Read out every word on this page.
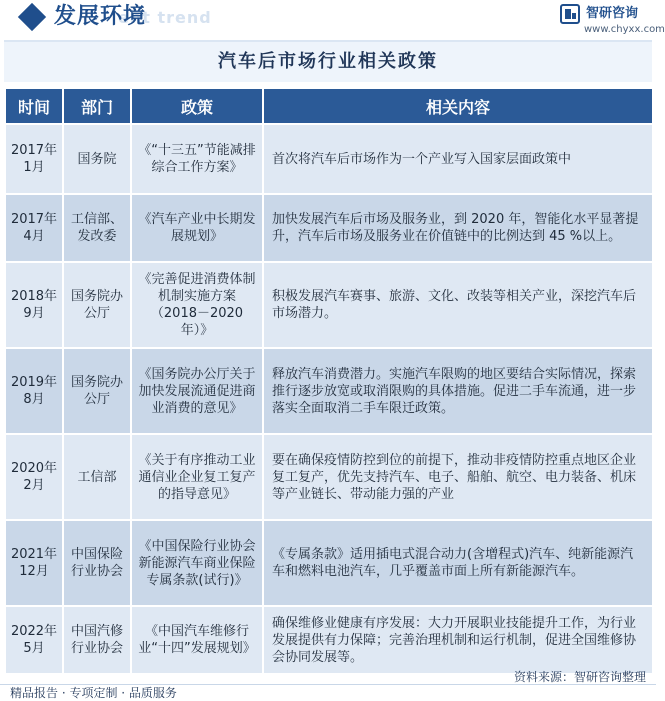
ent trend
发展环境	智研咨询
www.chyxx.com
汽车后市场行业相关政策
时间	部门	政策	相关内容
2017年1月	国务院	《“十三五”节能减排综合工作方案》	首次将汽车后市场作为一个产业写入国家层面政策中
2017年4月	工信部、发改委	《汽车产业中长期发展规划》	加快发展汽车后市场及服务业，到 2020 年，智能化水平显著提升，汽车后市场及服务业在价值链中的比例达到 45 %以上。
2018年9月	国务院办公厅	《完善促进消费体制机制实施方案（2018－2020年）》	积极发展汽车赛事、旅游、文化、改装等相关产业，深挖汽车后市场潜力。
2019年8月	国务院办公厅	《国务院办公厅关于加快发展流通促进商业消费的意见》	释放汽车消费潜力。实施汽车限购的地区要结合实际情况，探索推行逐步放宽或取消限购的具体措施。促进二手车流通，进一步落实全面取消二手车限迁政策。
2020年2月	工信部	《关于有序推动工业通信业企业复工复产的指导意见》	要在确保疫情防控到位的前提下，推动非疫情防控重点地区企业复工复产，优先支持汽车、电子、船舶、航空、电力装备、机床等产业链长、带动能力强的产业
2021年12月	中国保险行业协会	《中国保险行业协会新能源汽车商业保险专属条款(试行)》	《专属条款》适用插电式混合动力(含增程式)汽车、纯新能源汽车和燃料电池汽车，几乎覆盖市面上所有新能源汽车。
2022年5月	中国汽修行业协会	《中国汽车维修行业“十四”发展规划》	确保维修业健康有序发展：大力开展职业技能提升工作，为行业发展提供有力保障；完善治理机制和运行机制，促进全国维修协会协同发展等。
资料来源：智研咨询整理
精品报告 · 专项定制 · 品质服务
